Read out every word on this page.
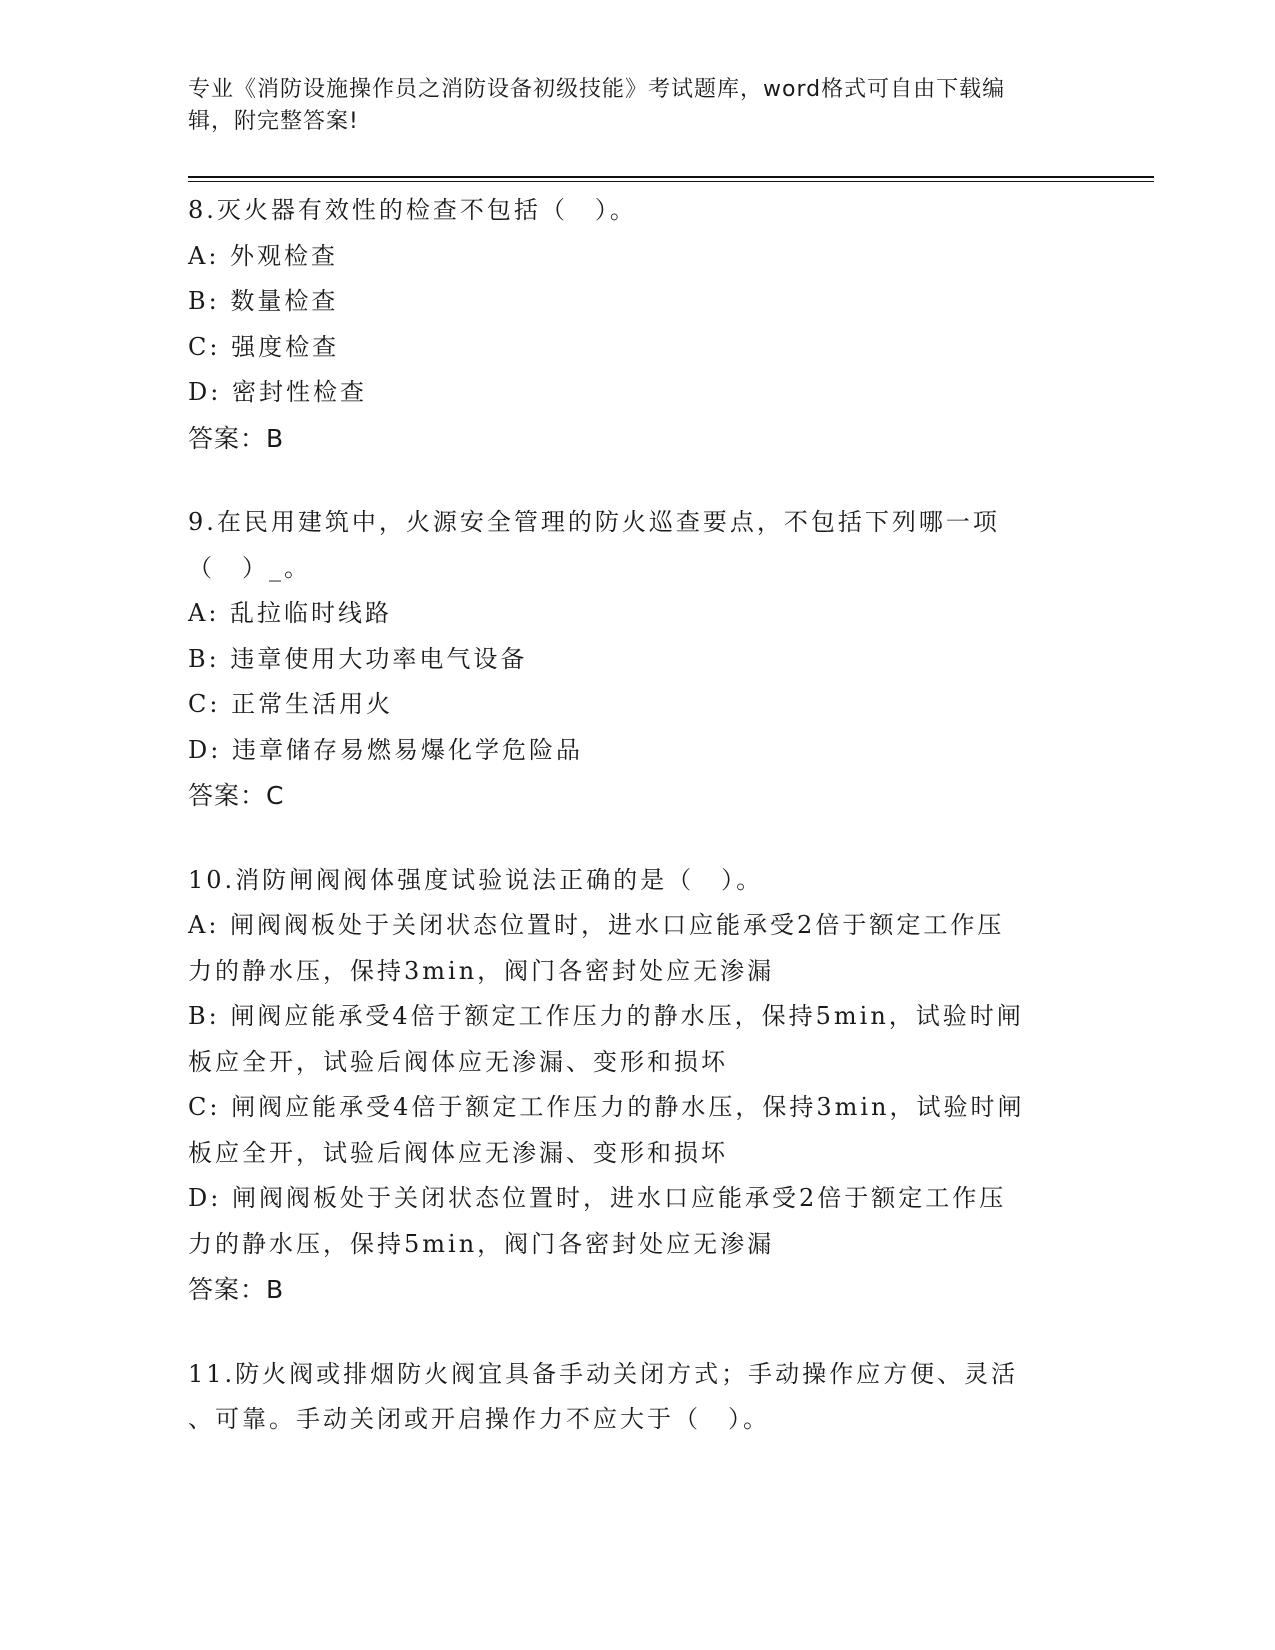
专业《消防设施操作员之消防设备初级技能》考试题库，word格式可自由下载编
辑，附完整答案!
8.灭火器有效性的检查不包括（　）。
A: 外观检查
B: 数量检查
C: 强度检查
D: 密封性检查
答案：B
9.在民用建筑中，火源安全管理的防火巡查要点，不包括下列哪一项
（　）_。
A: 乱拉临时线路
B: 违章使用大功率电气设备
C: 正常生活用火
D: 违章储存易燃易爆化学危险品
答案：C
10.消防闸阀阀体强度试验说法正确的是（　）。
A: 闸阀阀板处于关闭状态位置时，进水口应能承受2倍于额定工作压
力的静水压，保持3min，阀门各密封处应无渗漏
B: 闸阀应能承受4倍于额定工作压力的静水压，保持5min，试验时闸
板应全开，试验后阀体应无渗漏、变形和损坏
C: 闸阀应能承受4倍于额定工作压力的静水压，保持3min，试验时闸
板应全开，试验后阀体应无渗漏、变形和损坏
D: 闸阀阀板处于关闭状态位置时，进水口应能承受2倍于额定工作压
力的静水压，保持5min，阀门各密封处应无渗漏
答案：B
11.防火阀或排烟防火阀宜具备手动关闭方式；手动操作应方便、灵活
、可靠。手动关闭或开启操作力不应大于（　）。
